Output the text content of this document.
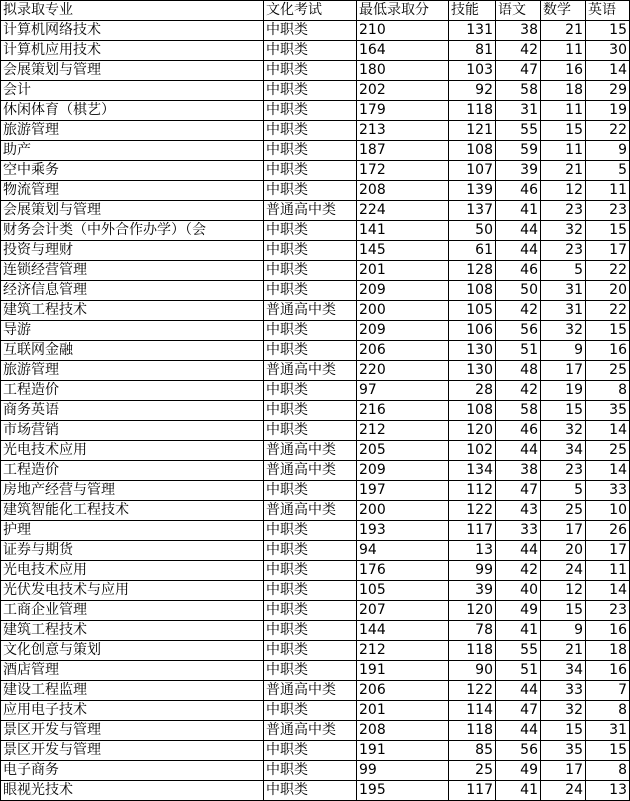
拟录取专业	文化考试	最低录取分	技能	语文	数学	英语
计算机网络技术	中职类	210	131	38	21	15
计算机应用技术	中职类	164	81	42	11	30
会展策划与管理	中职类	180	103	47	16	14
会计	中职类	202	92	58	18	29
休闲体育（棋艺）	中职类	179	118	31	11	19
旅游管理	中职类	213	121	55	15	22
助产	中职类	187	108	59	11	9
空中乘务	中职类	172	107	39	21	5
物流管理	中职类	208	139	46	12	11
会展策划与管理	普通高中类	224	137	41	23	23
财务会计类（中外合作办学）（会	中职类	141	50	44	32	15
投资与理财	中职类	145	61	44	23	17
连锁经营管理	中职类	201	128	46	5	22
经济信息管理	中职类	209	108	50	31	20
建筑工程技术	普通高中类	200	105	42	31	22
导游	中职类	209	106	56	32	15
互联网金融	中职类	206	130	51	9	16
旅游管理	普通高中类	220	130	48	17	25
工程造价	中职类	97	28	42	19	8
商务英语	中职类	216	108	58	15	35
市场营销	中职类	212	120	46	32	14
光电技术应用	普通高中类	205	102	44	34	25
工程造价	普通高中类	209	134	38	23	14
房地产经营与管理	中职类	197	112	47	5	33
建筑智能化工程技术	普通高中类	200	122	43	25	10
护理	中职类	193	117	33	17	26
证券与期货	中职类	94	13	44	20	17
光电技术应用	中职类	176	99	42	24	11
光伏发电技术与应用	中职类	105	39	40	12	14
工商企业管理	中职类	207	120	49	15	23
建筑工程技术	中职类	144	78	41	9	16
文化创意与策划	中职类	212	118	55	21	18
酒店管理	中职类	191	90	51	34	16
建设工程监理	普通高中类	206	122	44	33	7
应用电子技术	中职类	201	114	47	32	8
景区开发与管理	普通高中类	208	118	44	15	31
景区开发与管理	中职类	191	85	56	35	15
电子商务	中职类	99	25	49	17	8
眼视光技术	中职类	195	117	41	24	13
